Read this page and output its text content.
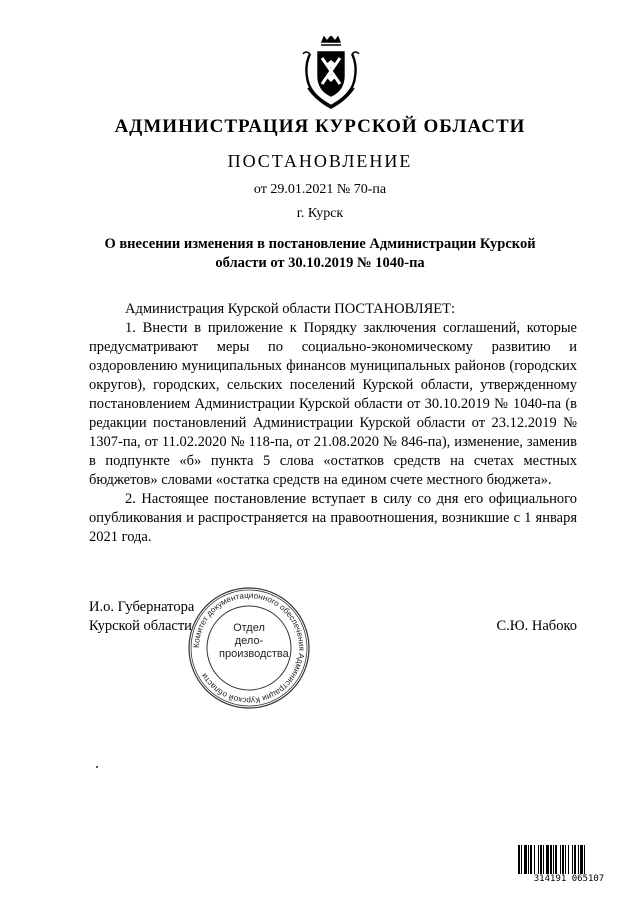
АДМИНИСТРАЦИЯ КУРСКОЙ ОБЛАСТИ
ПОСТАНОВЛЕНИЕ
от 29.01.2021 № 70-па
г. Курск
О внесении изменения в постановление Администрации Курской
области от 30.10.2019 № 1040-па

Администрация Курской области ПОСТАНОВЛЯЕТ:

1. Внести в приложение к Порядку заключения соглашений, которые предусматривают меры по социально-экономическому развитию и оздоровлению муниципальных финансов муниципальных районов (городских округов), городских, сельских поселений Курской области, утвержденному постановлением Администрации Курской области от 30.10.2019 № 1040-па (в редакции постановлений Администрации Курской области от 23.12.2019 № 1307-па, от 11.02.2020 № 118-па, от 21.08.2020 № 846-па), изменение, заменив в подпункте «б» пункта 5 слова «остатков средств на счетах местных бюджетов» словами «остатка средств на едином счете местного бюджета».

2. Настоящее постановление вступает в силу со дня его официального опубликования и распространяется на правоотношения, возникшие с 1 января 2021 года.

И.о. Губернатора
Курской области	С.Ю. Набоко
Комитет документационного обеспечения Администрации Курской области
Отдел
дело-
производства
314191 065107
